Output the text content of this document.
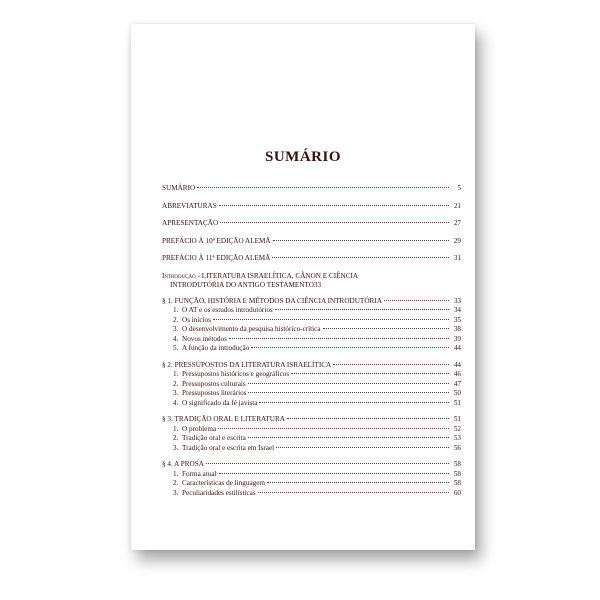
SUMÁRIO
SUMÁRIO	5
ABREVIATURAS	21
APRESENTAÇÃO	27
PREFÁCIO À 10ª EDIÇÃO ALEMÃ	29
PREFÁCIO À 11ª EDIÇÃO ALEMÃ	31
Introdução - LITERATURA ISRAELÍTICA, CÂNON E CIÊNCIA
INTRODUTÓRIA DO ANTIGO TESTAMENTO 33
§ 1. FUNÇÃO, HISTÓRIA E MÉTODOS DA CIÊNCIA INTRODUTÓRIA	33
1. O AT e os estudos introdutórios	34
2. Os inícios	35
3. O desenvolvimento da pesquisa histórico-crítica	38
4. Novos métodos	39
5. A função da introdução	44
§ 2. PRESSUPOSTOS DA LITERATURA ISRAELÍTICA	44
1. Pressupostos históricos e geográficos	46
2. Pressupostos culturais	47
3. Pressupostos literários	50
4. O significado da fé javista	51
§ 3. TRADIÇÃO ORAL E LITERATURA	51
1. O problema	52
2. Tradição oral e escrita	53
3. Tradição oral e escrita em Israel	56
§ 4. A PROSA	58
1. Forma atual	58
2. Características de linguagem	58
3. Peculiaridades estilísticas	60
